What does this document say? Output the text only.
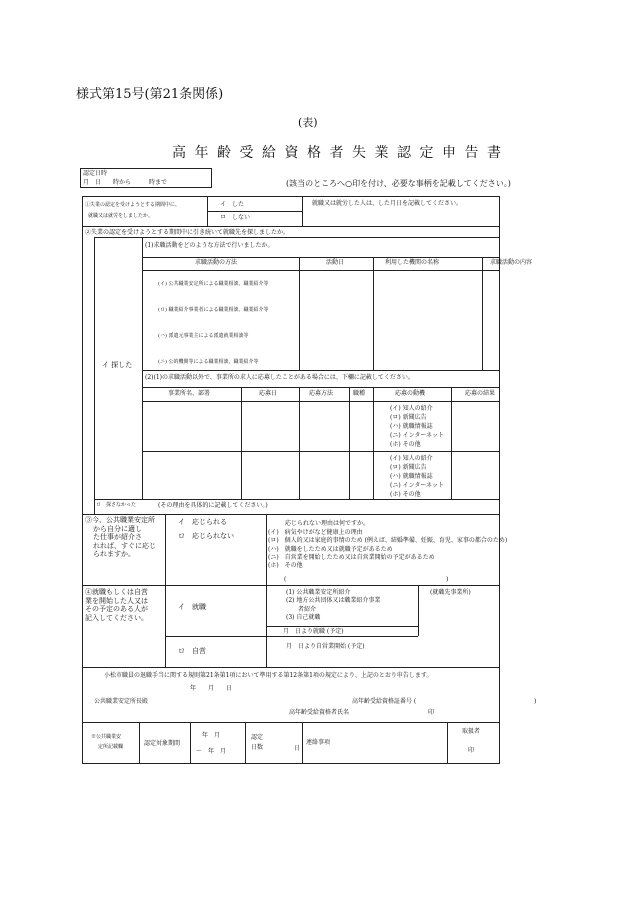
様式第15号(第21条関係)
(表)
高年齢受給資格者失業認定申告書
認定日時
月　日　　時から　　　時まで	(該当のところへ○印を付け、必要な事柄を記載してください。)
①失業の認定を受けようとする期間中に、
就職又は就労をしましたか。
イ　した
ロ　しない
就職又は就労した人は、した月日を記載してください。
②失業の認定を受けようとする期間中に引き続いて就職先を探しましたか。
イ 探した
(1)求職活動をどのような方法で行いましたか。
求職活動の方法	活動日	利用した機関の名称	求職活動の内容
(イ) 公共職業安定所による職業相談、職業紹介等
(ロ) 職業紹介事業者による職業相談、職業紹介等
(ハ) 派遣元事業主による派遣就業相談等
(ニ) 公的機関等による職業相談、職業紹介等
(2)(1)の求職活動以外で、事業所の求人に応募したことがある場合には、下欄に記載してください。
事業所名、部署	応募日	応募方法	職種	応募の動機	応募の結果
(イ) 知人の紹介
(ロ) 新聞広告
(ハ) 就職情報誌
(ニ) インターネット
(ホ) その他
(イ) 知人の紹介
(ロ) 新聞広告
(ハ) 就職情報誌
(ニ) インターネット
(ホ) その他
ロ　探さなかった	(その理由を具体的に記載してください。)
③今、公共職業安定所
から自分に適し
た仕事が紹介さ
れれば、すぐに応じ
られますか。
イ　応じられる
ロ　応じられない
応じられない理由は何ですか。
(イ)　病気やけがなど健康上の理由
(ロ)　個人的又は家庭的事情のため (例えば、結婚準備、妊娠、育児、家事の都合のため)
(ハ)　就職をしたため又は就職予定があるため
(ニ)　自営業を開始したため又は自営業開始の予定があるため
(ホ)　その他
(	)
④就職もしくは自営
業を開始した人又は
その予定のある人が
記入してください。
イ　就職
(1) 公共職業安定所紹介
(2) 地方公共団体又は職業紹介事業
　　者紹介
(3) 自己就職
月　日より就職 (予定)
(就職先事業所)
ロ　自営
月　日より自営業開始 (予定)
小松市職員の退職手当に関する規則第21条第1項において準用する第12条第1項の規定により、上記のとおり申告します。
年　　月　　日
公共職業安定所長殿	高年齢受給資格証番号 (	)
高年齢受給資格者氏名	印
※公共職業安
定所記載欄	認定対象期間
年　月
～　年　月
認定
日数	日
連絡事項
取扱者
印
